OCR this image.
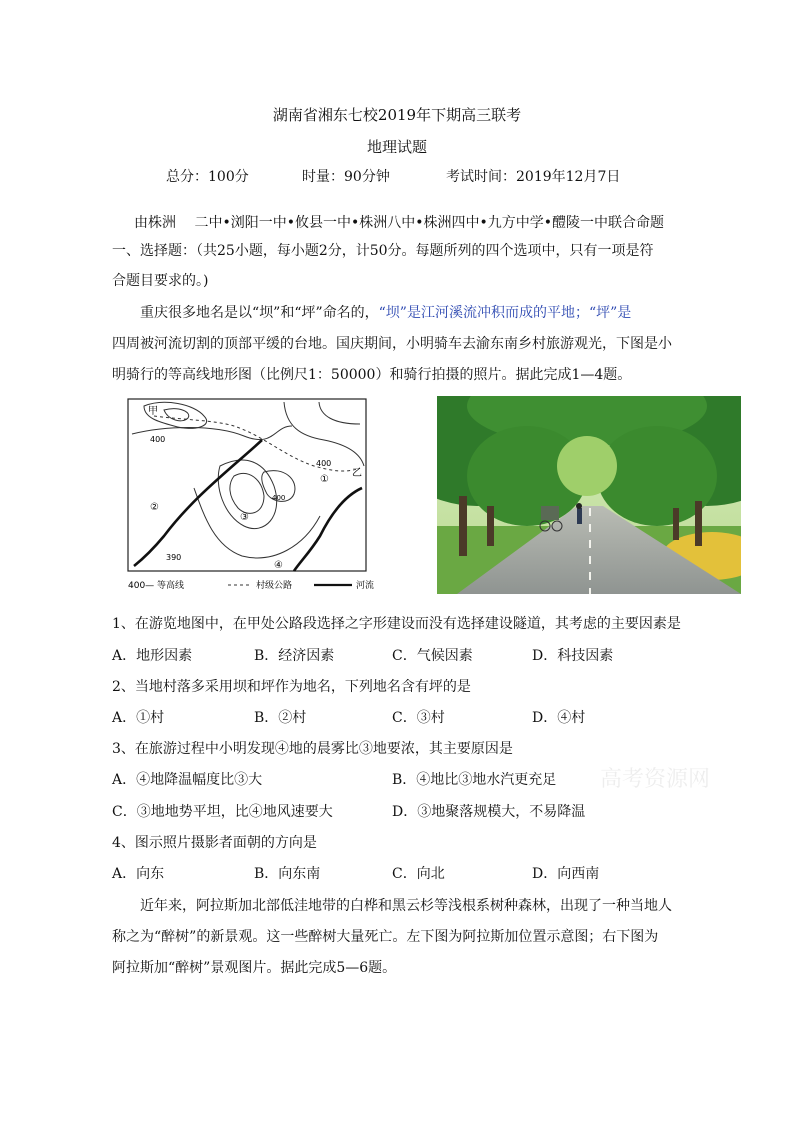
湖南省湘东七校2019年下期高三联考
地理试题
总分：100分	时量：90分钟	考试时间：2019年12月7日
由株洲　 二中•浏阳一中•攸县一中•株洲八中•株洲四中•九方中学•醴陵一中联合命题
一、选择题：（共25小题，每小题2分，计50分。每题所列的四个选项中，只有一项是符
合题目要求的。)
重庆很多地名是以“坝”和“坪”命名的，“坝”是江河溪流冲积而成的平地；“坪”是
四周被河流切割的顶部平缓的台地。国庆期间，小明骑车去渝东南乡村旅游观光，下图是小
明骑行的等高线地形图（比例尺1：50000）和骑行拍摄的照片。据此完成1—4题。
甲
乙
400
400
400
390
①
②
③
④
400— 等高线	村级公路	河流
1、在游览地图中，在甲处公路段选择之字形建设而没有选择建设隧道，其考虑的主要因素是
A．地形因素	B．经济因素	C．气候因素	D．科技因素
2、当地村落多采用坝和坪作为地名，下列地名含有坪的是
A．①村	B．②村	C．③村	D．④村
3、在旅游过程中小明发现④地的晨雾比③地要浓，其主要原因是
A．④地降温幅度比③大	B．④地比③地水汽更充足
C．③地地势平坦，比④地风速要大	D．③地聚落规模大，不易降温
高考资源网
4、图示照片摄影者面朝的方向是
A．向东	B．向东南	C．向北	D．向西南
近年来，阿拉斯加北部低洼地带的白桦和黑云杉等浅根系树种森林，出现了一种当地人
称之为“醉树”的新景观。这一些醉树大量死亡。左下图为阿拉斯加位置示意图；右下图为
阿拉斯加“醉树”景观图片。据此完成5—6题。
